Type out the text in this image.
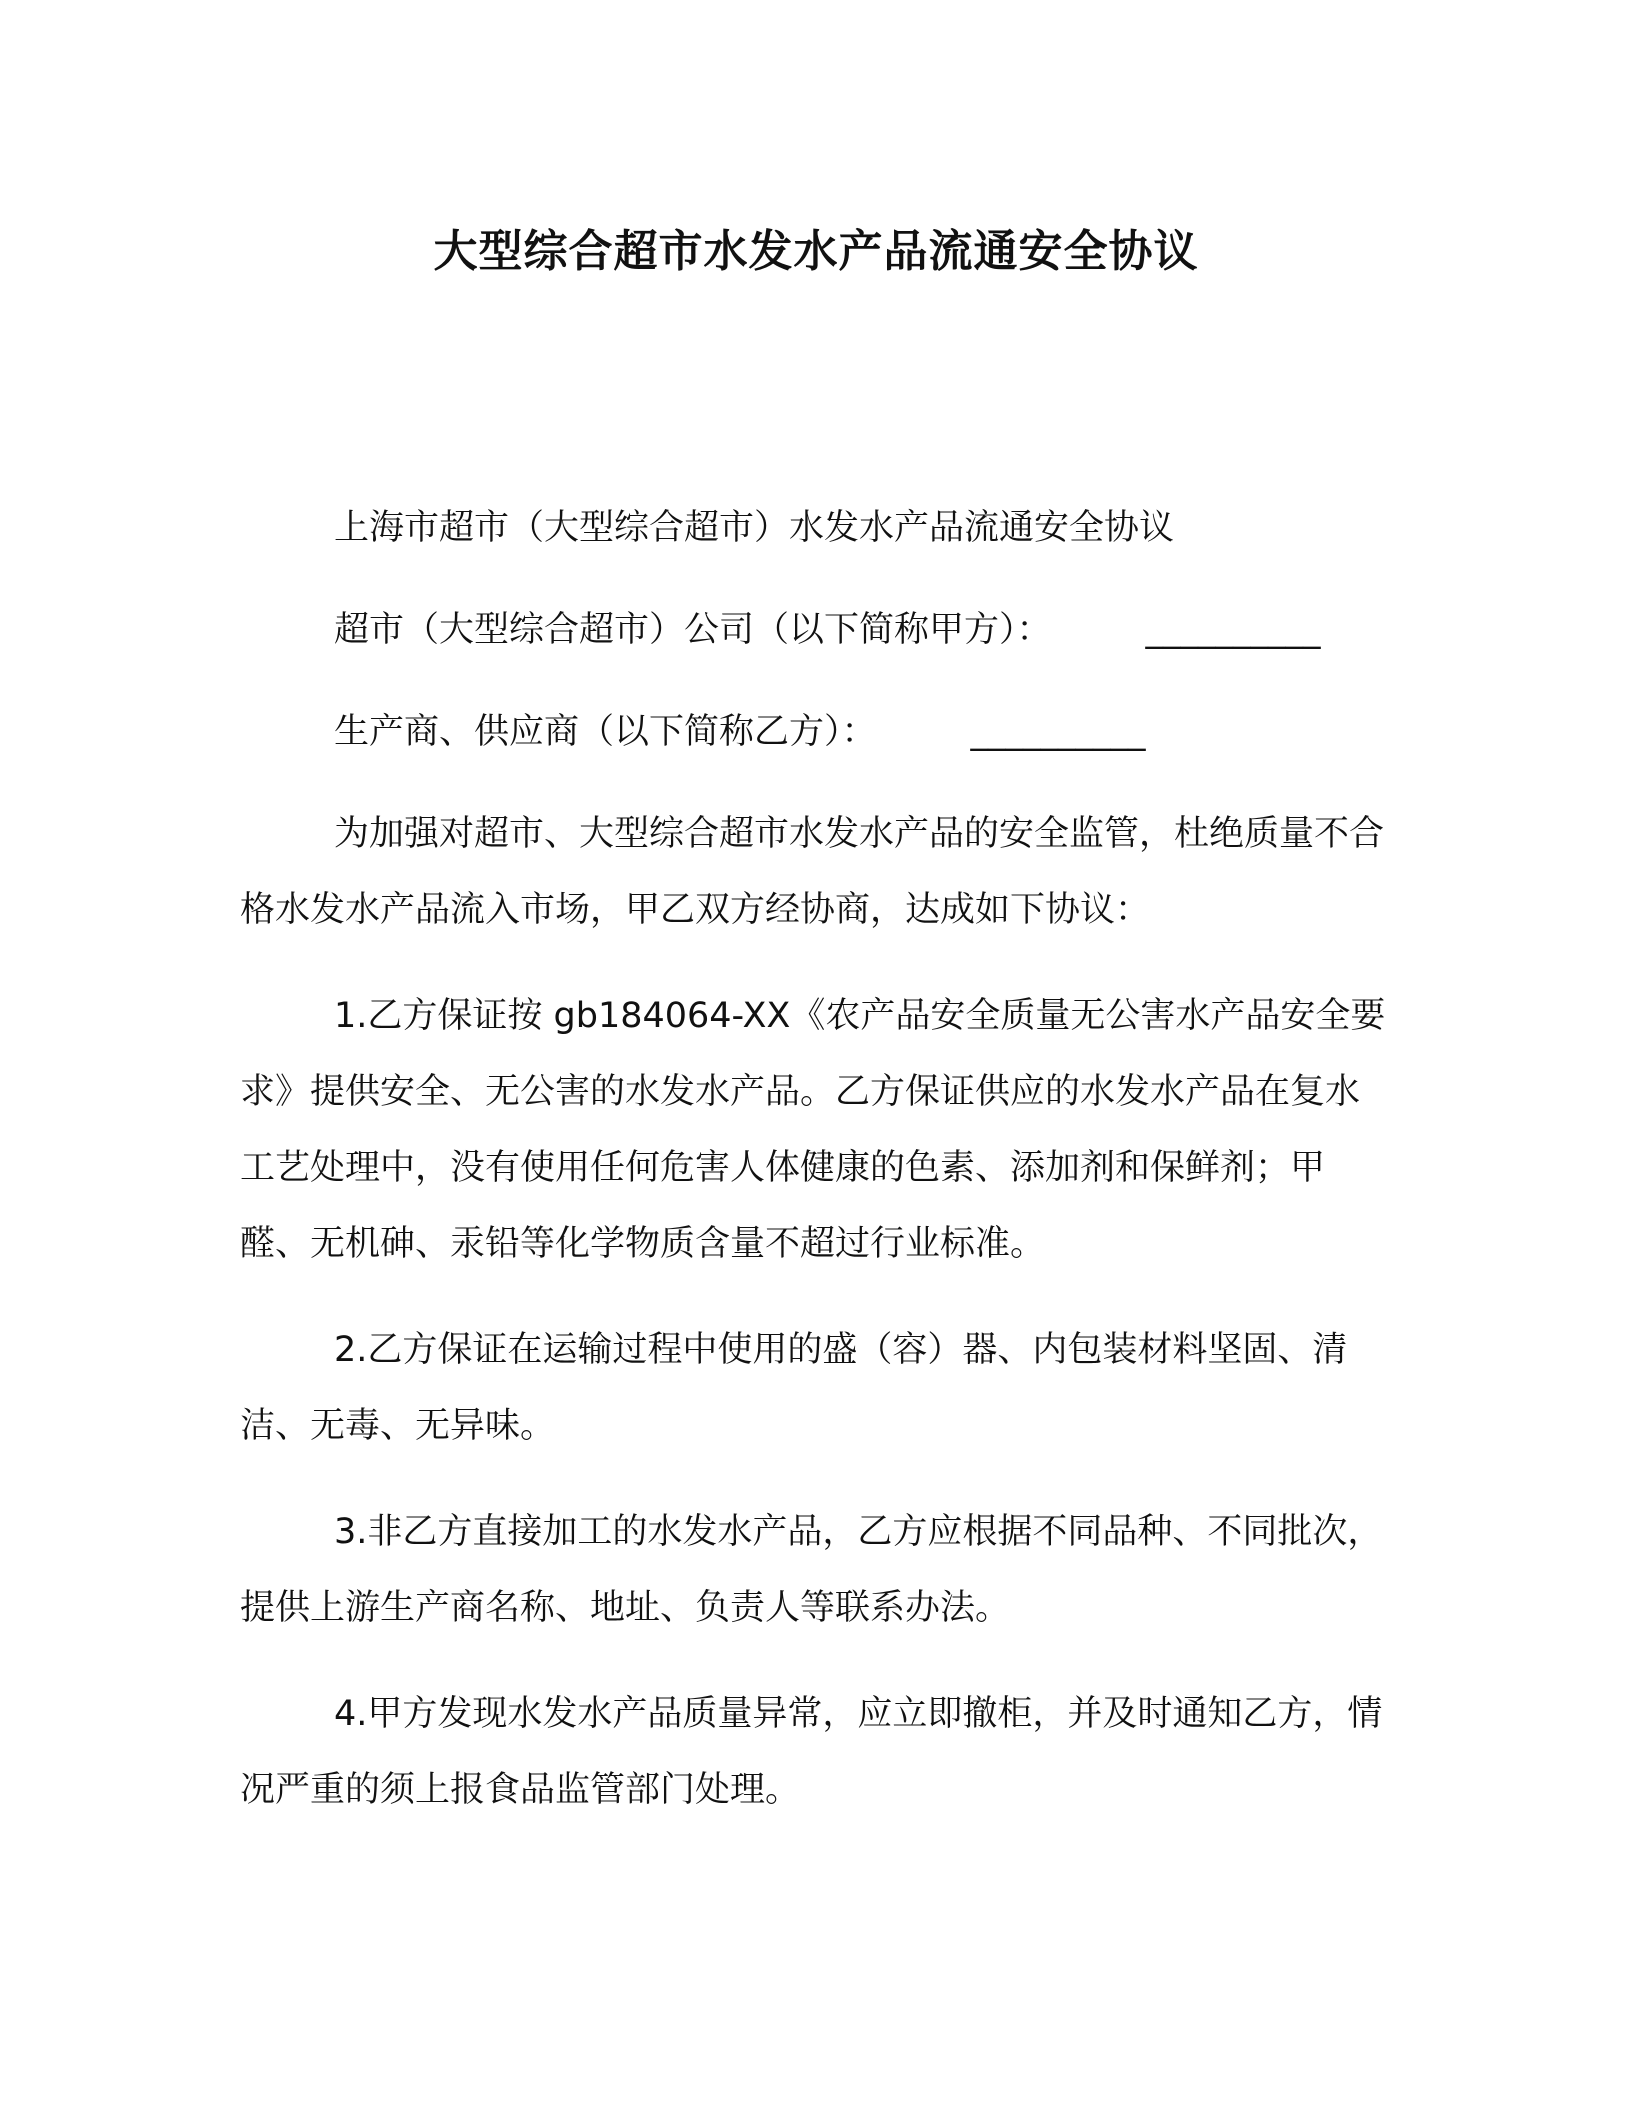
大型综合超市水发水产品流通安全协议

上海市超市（大型综合超市）水发水产品流通安全协议

超市（大型综合超市）公司（以下简称甲方）：	__________

生产商、供应商（以下简称乙方）：	__________

为加强对超市、大型综合超市水发水产品的安全监管，杜绝质量不合格水发水产品流入市场，甲乙双方经协商，达成如下协议：

1.乙方保证按 gb184064-XX《农产品安全质量无公害水产品安全要求》提供安全、无公害的水发水产品。乙方保证供应的水发水产品在复水工艺处理中，没有使用任何危害人体健康的色素、添加剂和保鲜剂；甲醛、无机砷、汞铅等化学物质含量不超过行业标准。

2.乙方保证在运输过程中使用的盛（容）器、内包装材料坚固、清洁、无毒、无异味。

3.非乙方直接加工的水发水产品，乙方应根据不同品种、不同批次，提供上游生产商名称、地址、负责人等联系办法。

4.甲方发现水发水产品质量异常，应立即撤柜，并及时通知乙方，情况严重的须上报食品监管部门处理。
